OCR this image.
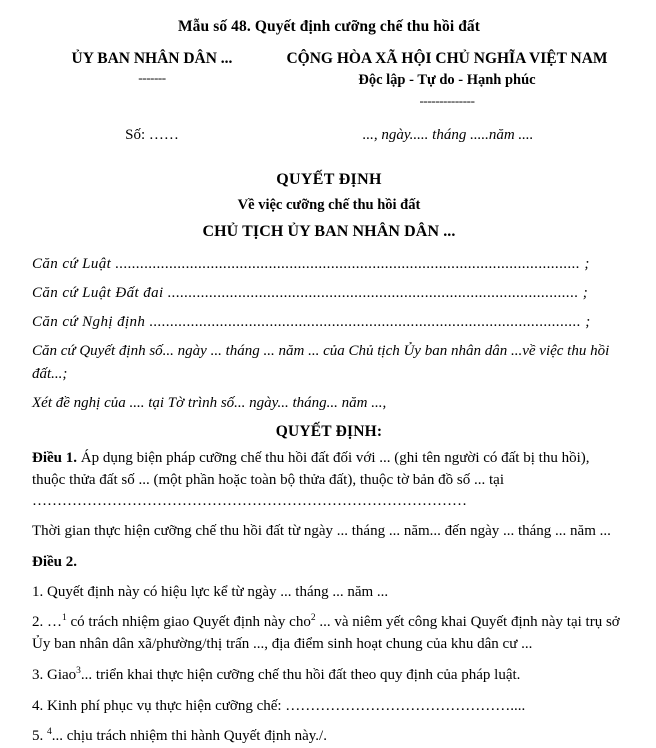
Mẫu số 48. Quyết định cưỡng chế thu hồi đất
ỦY BAN NHÂN DÂN ...
-------
CỘNG HÒA XÃ HỘI CHỦ NGHĨA VIỆT NAM
Độc lập - Tự do - Hạnh phúc
--------------
Số: ……	..., ngày..... tháng .....năm ....
QUYẾT ĐỊNH
Về việc cưỡng chế thu hồi đất
CHỦ TỊCH ỦY BAN NHÂN DÂN ...
Căn cứ Luật ................................................................................................................ ;
Căn cứ Luật Đất đai ................................................................................................... ;
Căn cứ Nghị định ........................................................................................................ ;
Căn cứ Quyết định số... ngày ... tháng ... năm ... của Chủ tịch Ủy ban nhân dân ...về việc thu hồi đất...;
Xét đề nghị của .... tại Tờ trình số... ngày... tháng... năm ...,
QUYẾT ĐỊNH:
Điều 1. Áp dụng biện pháp cưỡng chế thu hồi đất đối với ... (ghi tên người có đất bị thu hồi), thuộc thửa đất số ... (một phần hoặc toàn bộ thửa đất), thuộc tờ bản đồ số ... tại ……………………………………………………………………………
Thời gian thực hiện cưỡng chế thu hồi đất từ ngày ... tháng ... năm... đến ngày ... tháng ... năm ...
Điều 2.
1. Quyết định này có hiệu lực kể từ ngày ... tháng ... năm ...
2. …$^1$ có trách nhiệm giao Quyết định này cho$^2$ ... và niêm yết công khai Quyết định này tại trụ sở Ủy ban nhân dân xã/phường/thị trấn ..., địa điểm sinh hoạt chung của khu dân cư ...
3. Giao$^3$... triển khai thực hiện cưỡng chế thu hồi đất theo quy định của pháp luật.
4. Kinh phí phục vụ thực hiện cưỡng chế: ………………………………………....
5. $^4$... chịu trách nhiệm thi hành Quyết định này./.
